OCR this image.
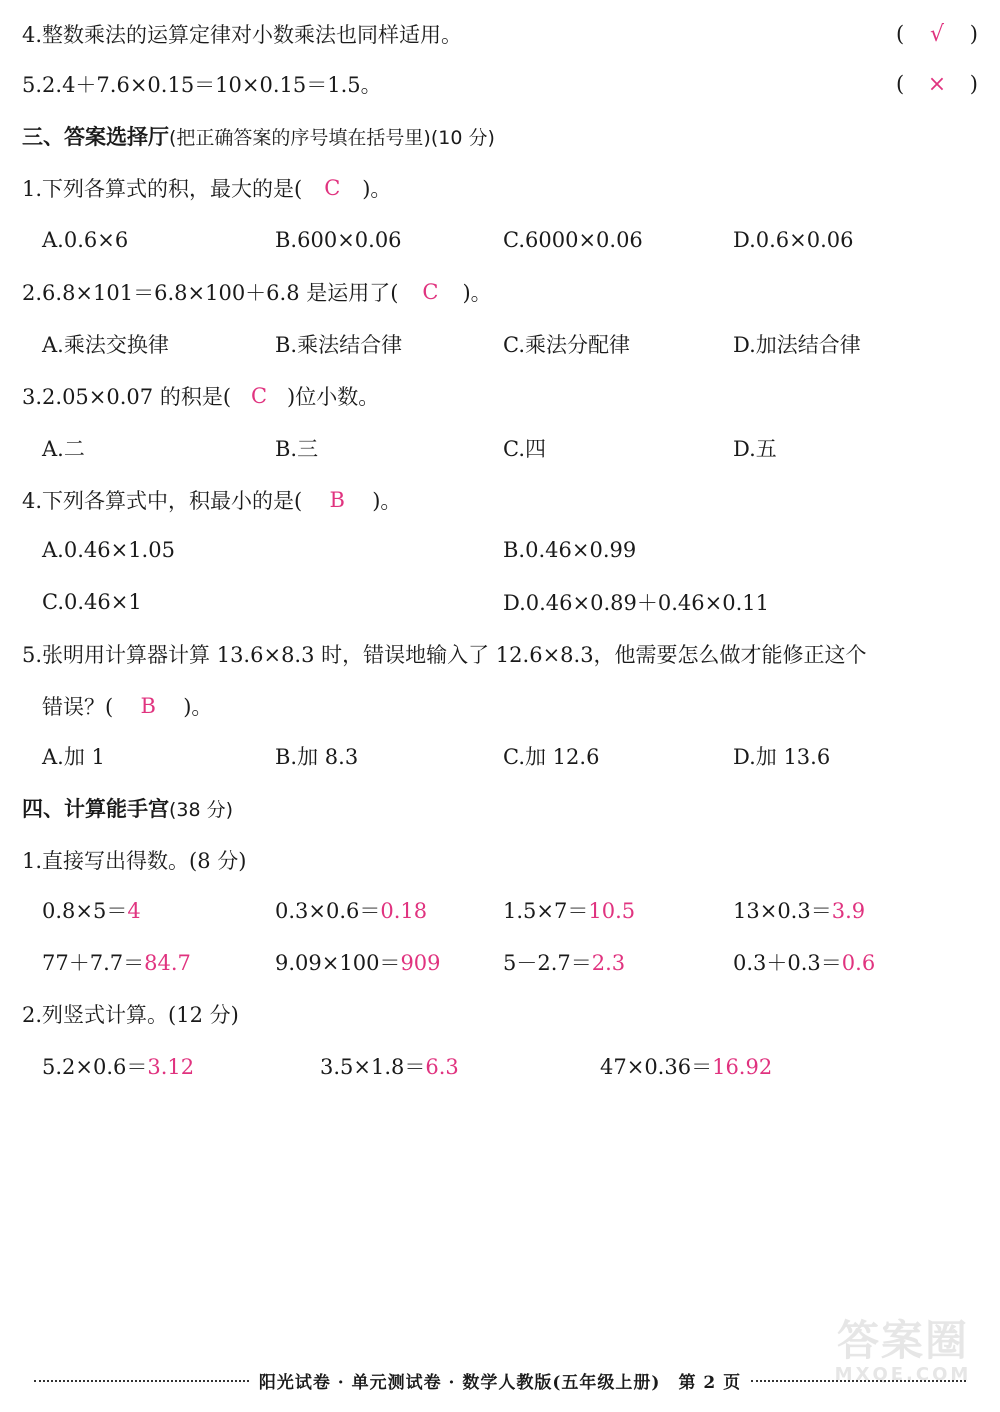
4.整数乘法的运算定律对小数乘法也同样适用。	( √ )
5.2.4＋7.6×0.15＝10×0.15＝1.5。	( × )
三、答案选择厅 (把正确答案的序号填在括号里)(10 分)
1.下列各算式的积，最大的是(	C	)。
A.0.6×6	B.600×0.06	C.6000×0.06	D.0.6×0.06
2.6.8×101＝6.8×100＋6.8 是运用了(	C	)。
A.乘法交换律	B.乘法结合律	C.乘法分配律	D.加法结合律
3.2.05×0.07 的积是( C )位小数。
A.二	B.三	C.四	D.五
4.下列各算式中，积最小的是(	B	)。
A.0.46×1.05	B.0.46×0.99
C.0.46×1	D.0.46×0.89＋0.46×0.11
5.张明用计算器计算 13.6×8.3 时，错误地输入了 12.6×8.3，他需要怎么做才能修正这个
错误？(	B	)。
A.加 1	B.加 8.3	C.加 12.6	D.加 13.6
四、计算能手宫 (38 分)
1.直接写出得数。(8 分)
0.8×5＝4	0.3×0.6＝0.18	1.5×7＝10.5	13×0.3＝3.9
77＋7.7＝84.7	9.09×100＝909	5－2.7＝2.3	0.3＋0.3＝0.6
2.列竖式计算。(12 分)
5.2×0.6＝3.12	3.5×1.8＝6.3	47×0.36＝16.92
答案圈
MXQE.COM
阳光试卷 · 单元测试卷 · 数学人教版(五年级上册)　第 2 页
